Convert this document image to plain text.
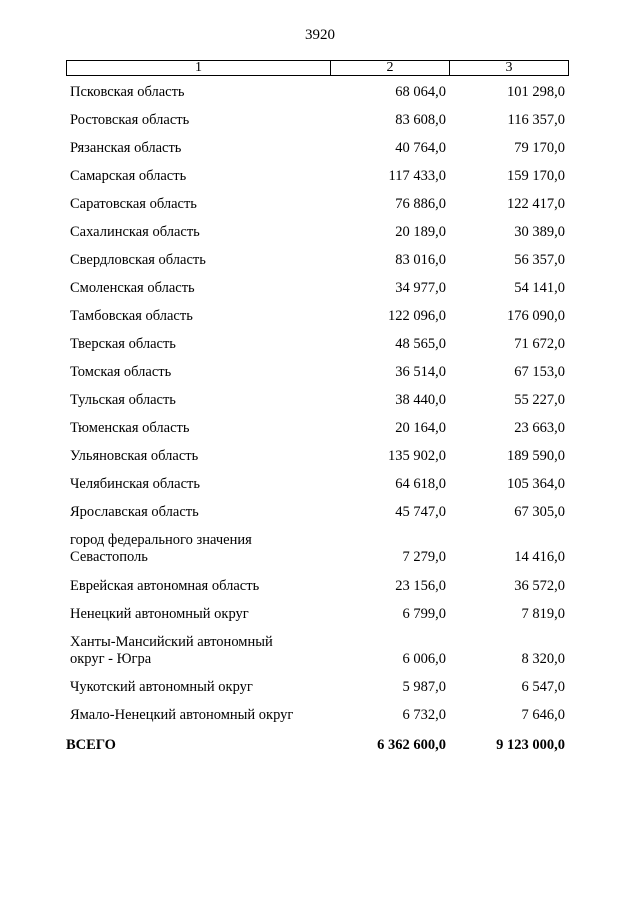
3920
1	2	3
Псковская область	68 064,0	101 298,0
Ростовская область	83 608,0	116 357,0
Рязанская область	40 764,0	79 170,0
Самарская область	117 433,0	159 170,0
Саратовская область	76 886,0	122 417,0
Сахалинская область	20 189,0	30 389,0
Свердловская область	83 016,0	56 357,0
Смоленская область	34 977,0	54 141,0
Тамбовская область	122 096,0	176 090,0
Тверская область	48 565,0	71 672,0
Томская область	36 514,0	67 153,0
Тульская область	38 440,0	55 227,0
Тюменская область	20 164,0	23 663,0
Ульяновская область	135 902,0	189 590,0
Челябинская область	64 618,0	105 364,0
Ярославская область	45 747,0	67 305,0
город федерального значения
Севастополь	7 279,0	14 416,0
Еврейская автономная область	23 156,0	36 572,0
Ненецкий автономный округ	6 799,0	7 819,0
Ханты-Мансийский автономный
округ - Югра	6 006,0	8 320,0
Чукотский автономный округ	5 987,0	6 547,0
Ямало-Ненецкий автономный округ	6 732,0	7 646,0
ВСЕГО	6 362 600,0	9 123 000,0
